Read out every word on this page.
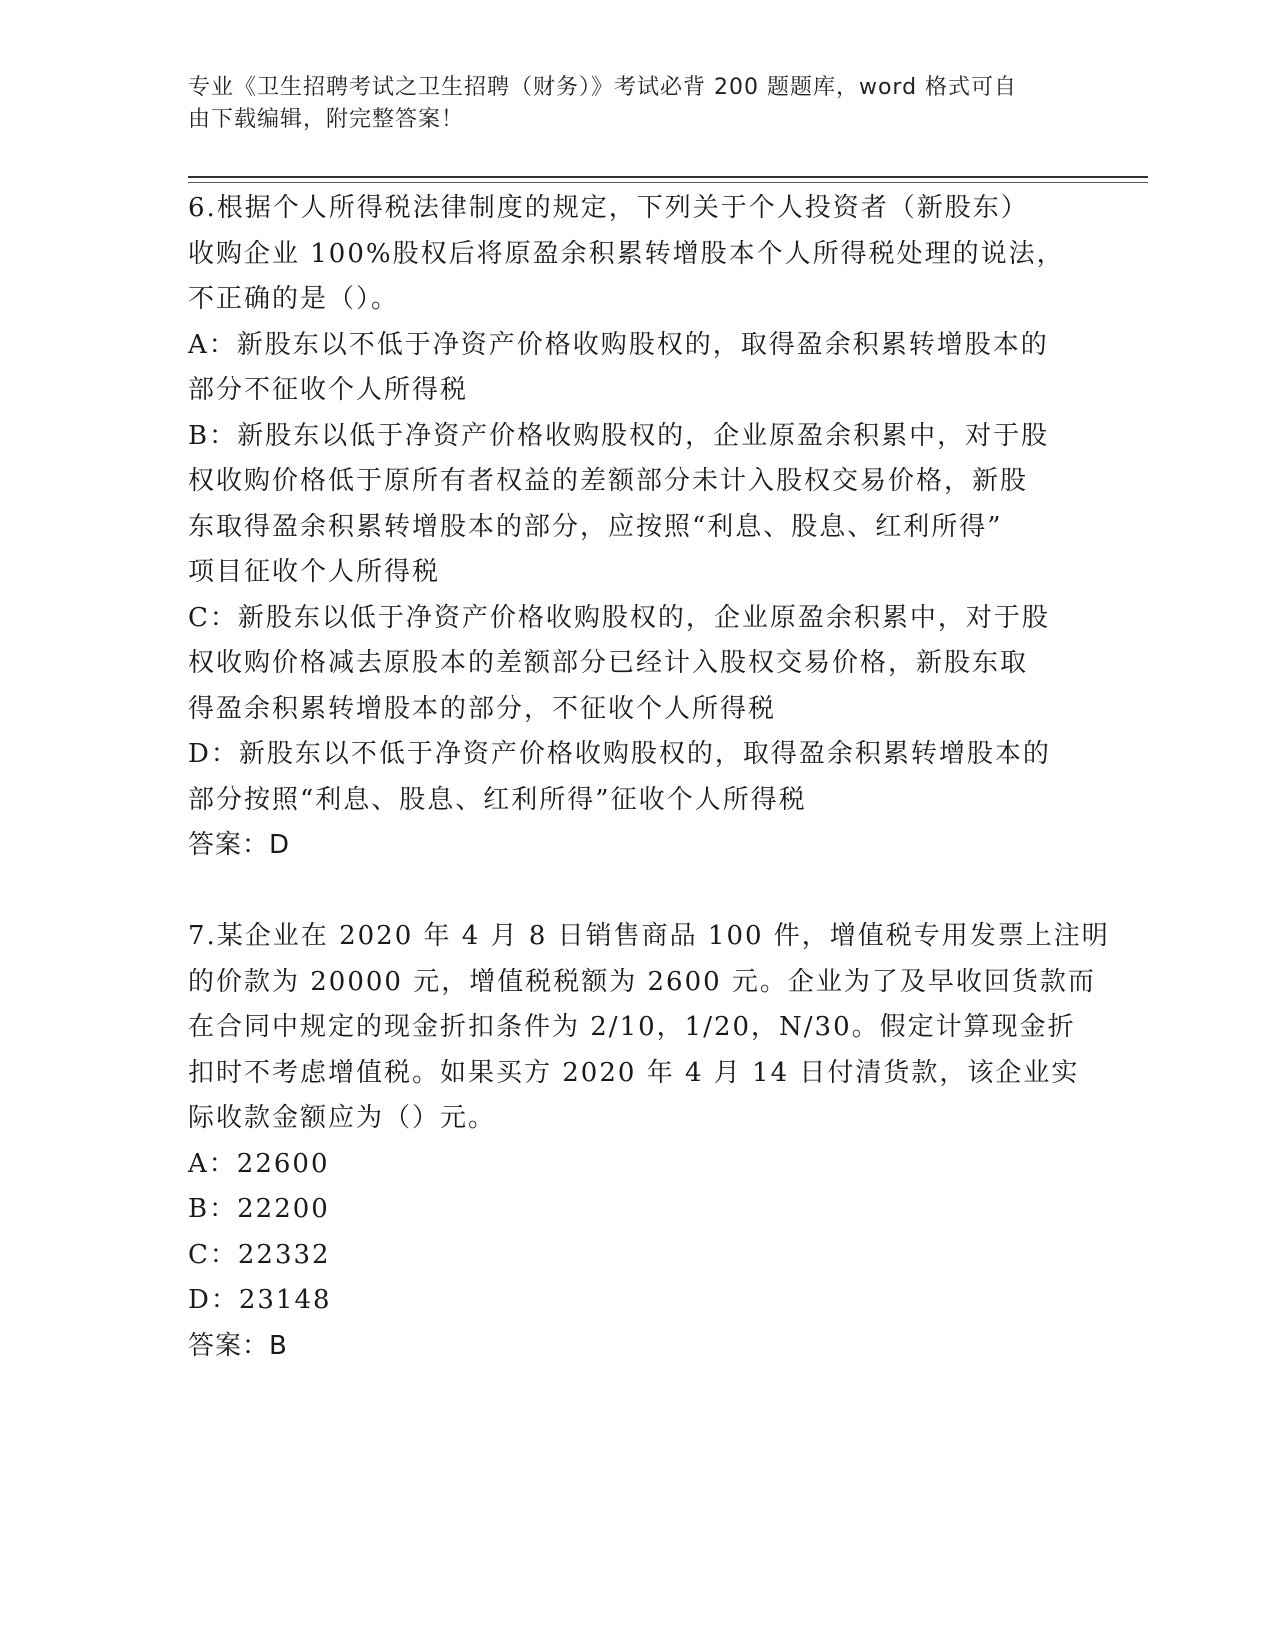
专业《卫生招聘考试之卫生招聘（财务）》考试必背 200 题题库，word 格式可自
由下载编辑，附完整答案！
6.根据个人所得税法律制度的规定，下列关于个人投资者（新股东）
收购企业 100%股权后将原盈余积累转增股本个人所得税处理的说法，
不正确的是（）。
A：新股东以不低于净资产价格收购股权的，取得盈余积累转增股本的
部分不征收个人所得税
B：新股东以低于净资产价格收购股权的，企业原盈余积累中，对于股
权收购价格低于原所有者权益的差额部分未计入股权交易价格，新股
东取得盈余积累转增股本的部分，应按照“利息、股息、红利所得”
项目征收个人所得税
C：新股东以低于净资产价格收购股权的，企业原盈余积累中，对于股
权收购价格减去原股本的差额部分已经计入股权交易价格，新股东取
得盈余积累转增股本的部分，不征收个人所得税
D：新股东以不低于净资产价格收购股权的，取得盈余积累转增股本的
部分按照“利息、股息、红利所得”征收个人所得税
答案：D
7.某企业在 2020 年 4 月 8 日销售商品 100 件，增值税专用发票上注明
的价款为 20000 元，增值税税额为 2600 元。企业为了及早收回货款而
在合同中规定的现金折扣条件为 2/10，1/20，N/30。假定计算现金折
扣时不考虑增值税。如果买方 2020 年 4 月 14 日付清货款，该企业实
际收款金额应为（）元。
A：22600
B：22200
C：22332
D：23148
答案：B
